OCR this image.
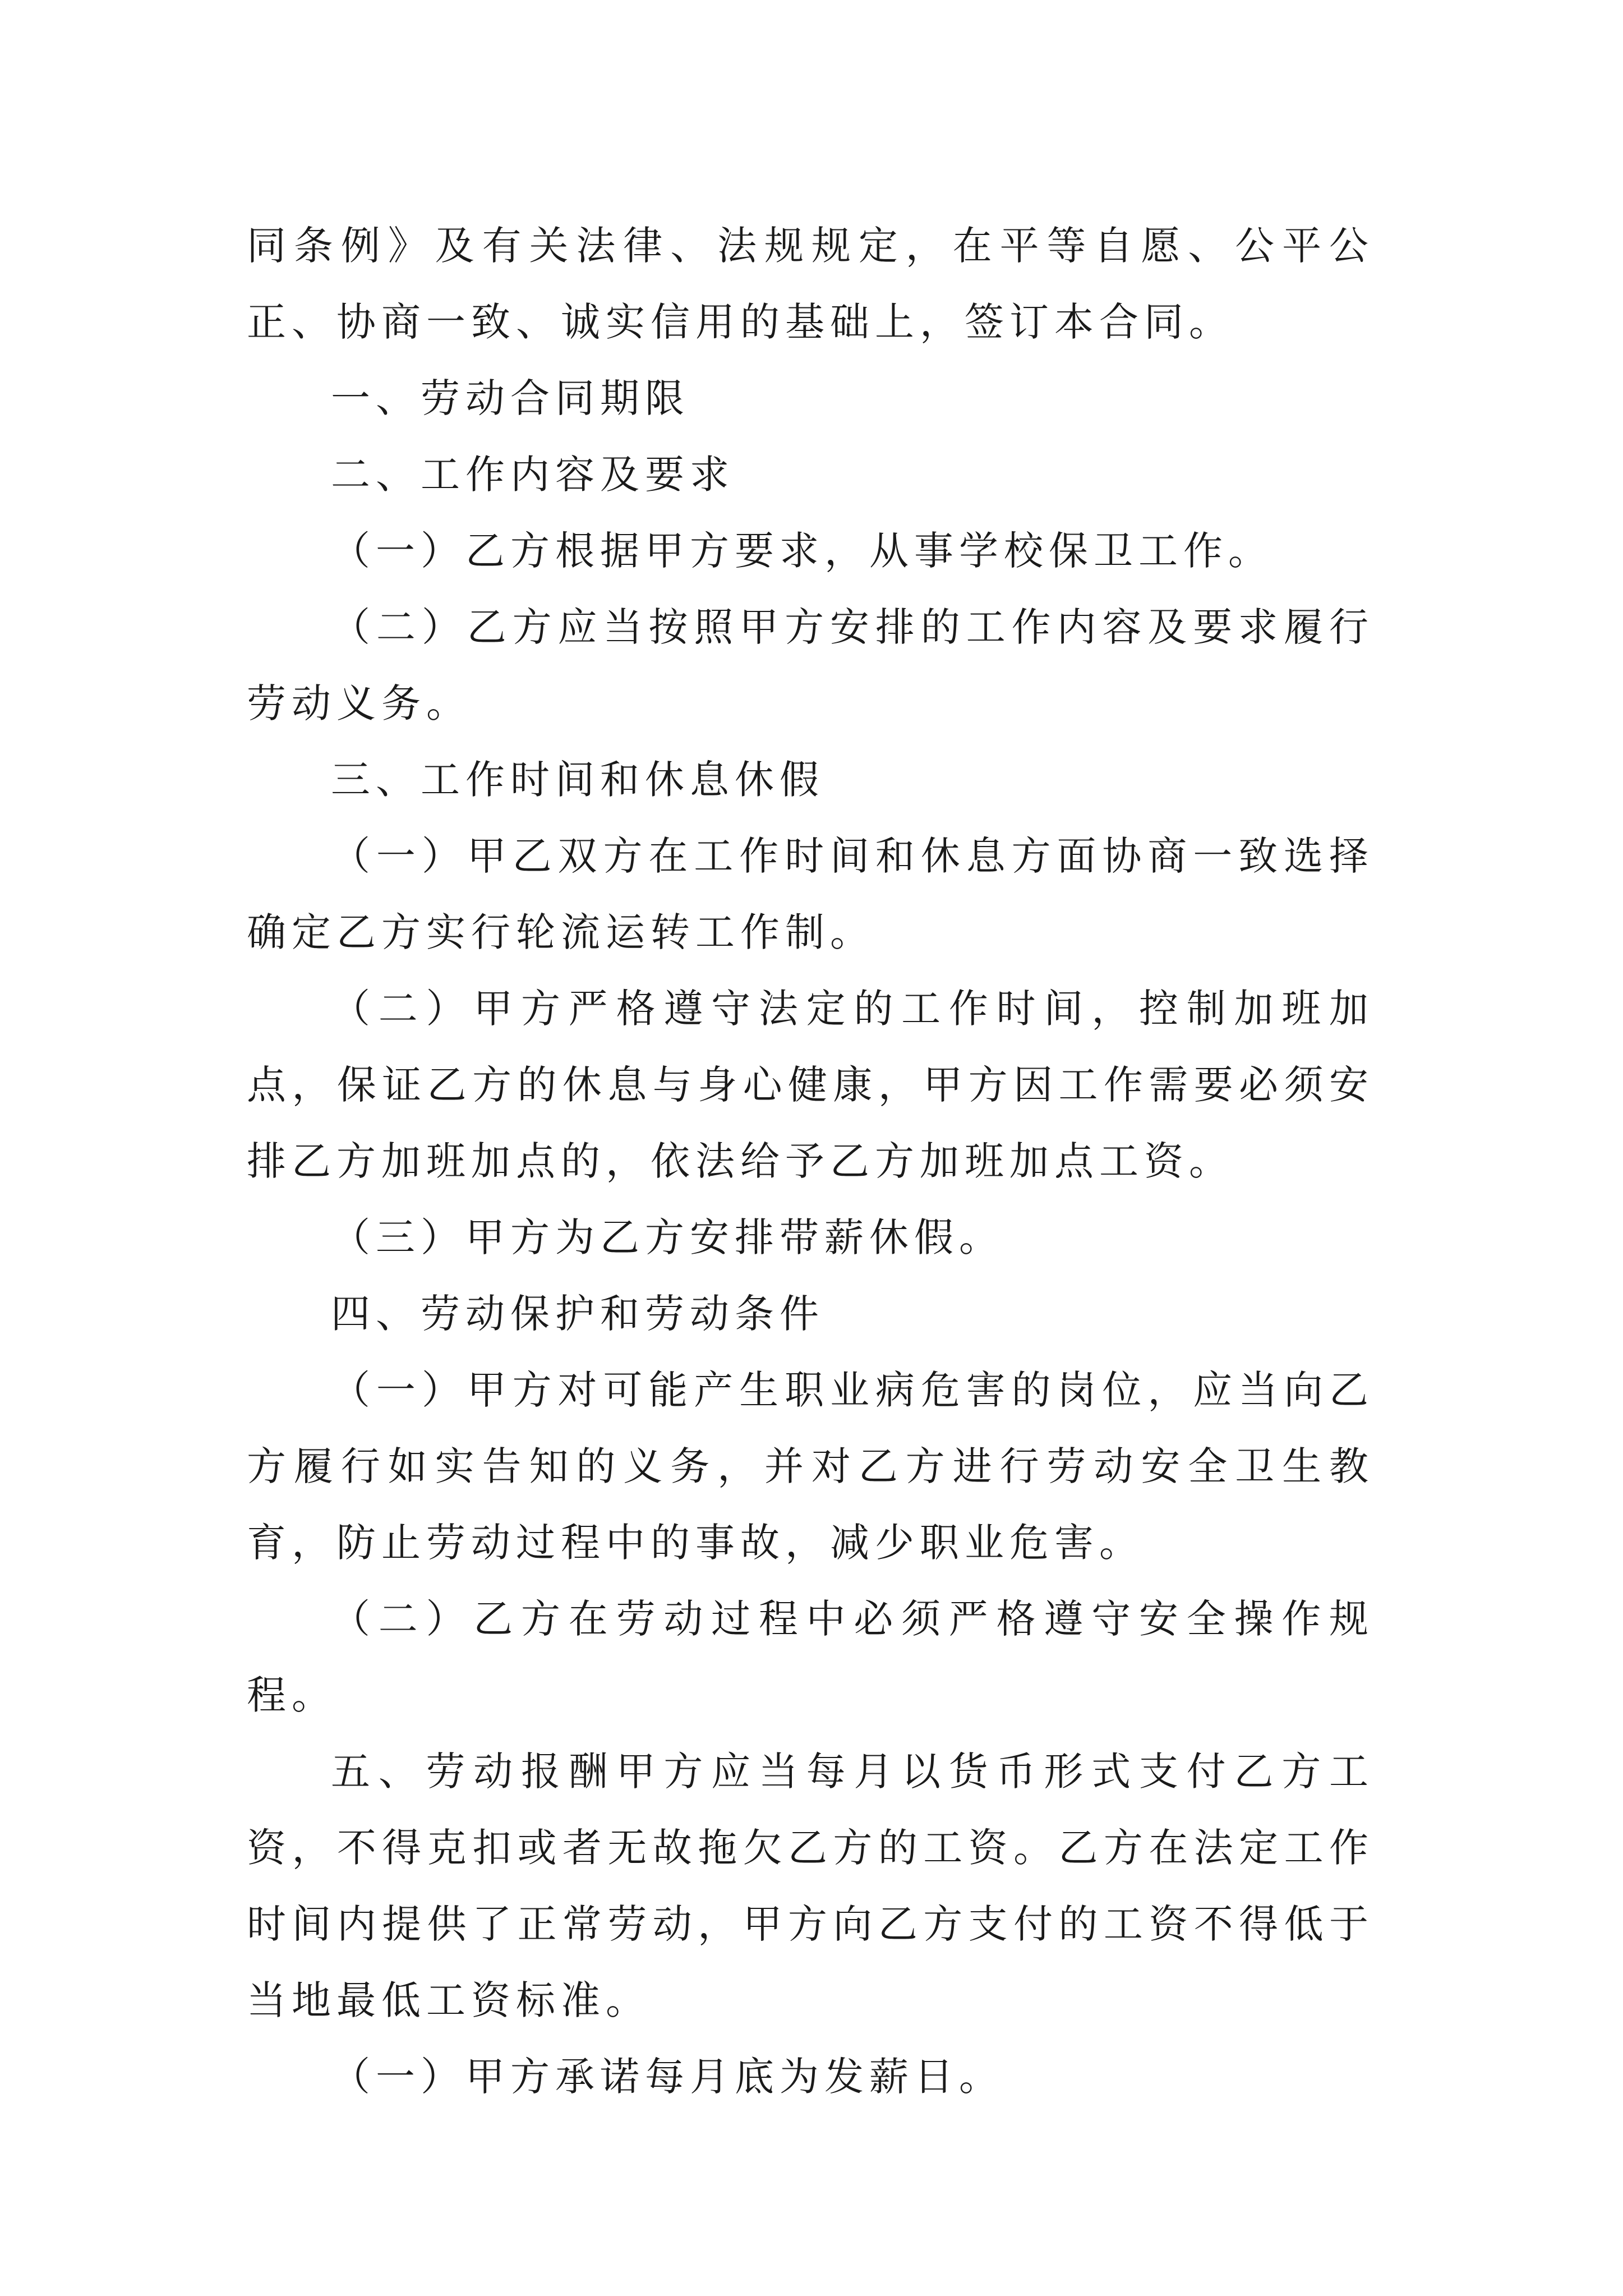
同条例》及有关法律、法规规定，在平等自愿、公平公正、协商一致、诚实信用的基础上，签订本合同。

一、劳动合同期限

二、工作内容及要求

（一）乙方根据甲方要求，从事学校保卫工作。

（二）乙方应当按照甲方安排的工作内容及要求履行劳动义务。

三、工作时间和休息休假

（一）甲乙双方在工作时间和休息方面协商一致选择确定乙方实行轮流运转工作制。

（二）甲方严格遵守法定的工作时间，控制加班加点，保证乙方的休息与身心健康，甲方因工作需要必须安排乙方加班加点的，依法给予乙方加班加点工资。

（三）甲方为乙方安排带薪休假。

四、劳动保护和劳动条件

（一）甲方对可能产生职业病危害的岗位，应当向乙方履行如实告知的义务，并对乙方进行劳动安全卫生教育，防止劳动过程中的事故，减少职业危害。

（二）乙方在劳动过程中必须严格遵守安全操作规程。

五、劳动报酬甲方应当每月以货币形式支付乙方工资，不得克扣或者无故拖欠乙方的工资。乙方在法定工作时间内提供了正常劳动，甲方向乙方支付的工资不得低于当地最低工资标准。

（一）甲方承诺每月底为发薪日。
